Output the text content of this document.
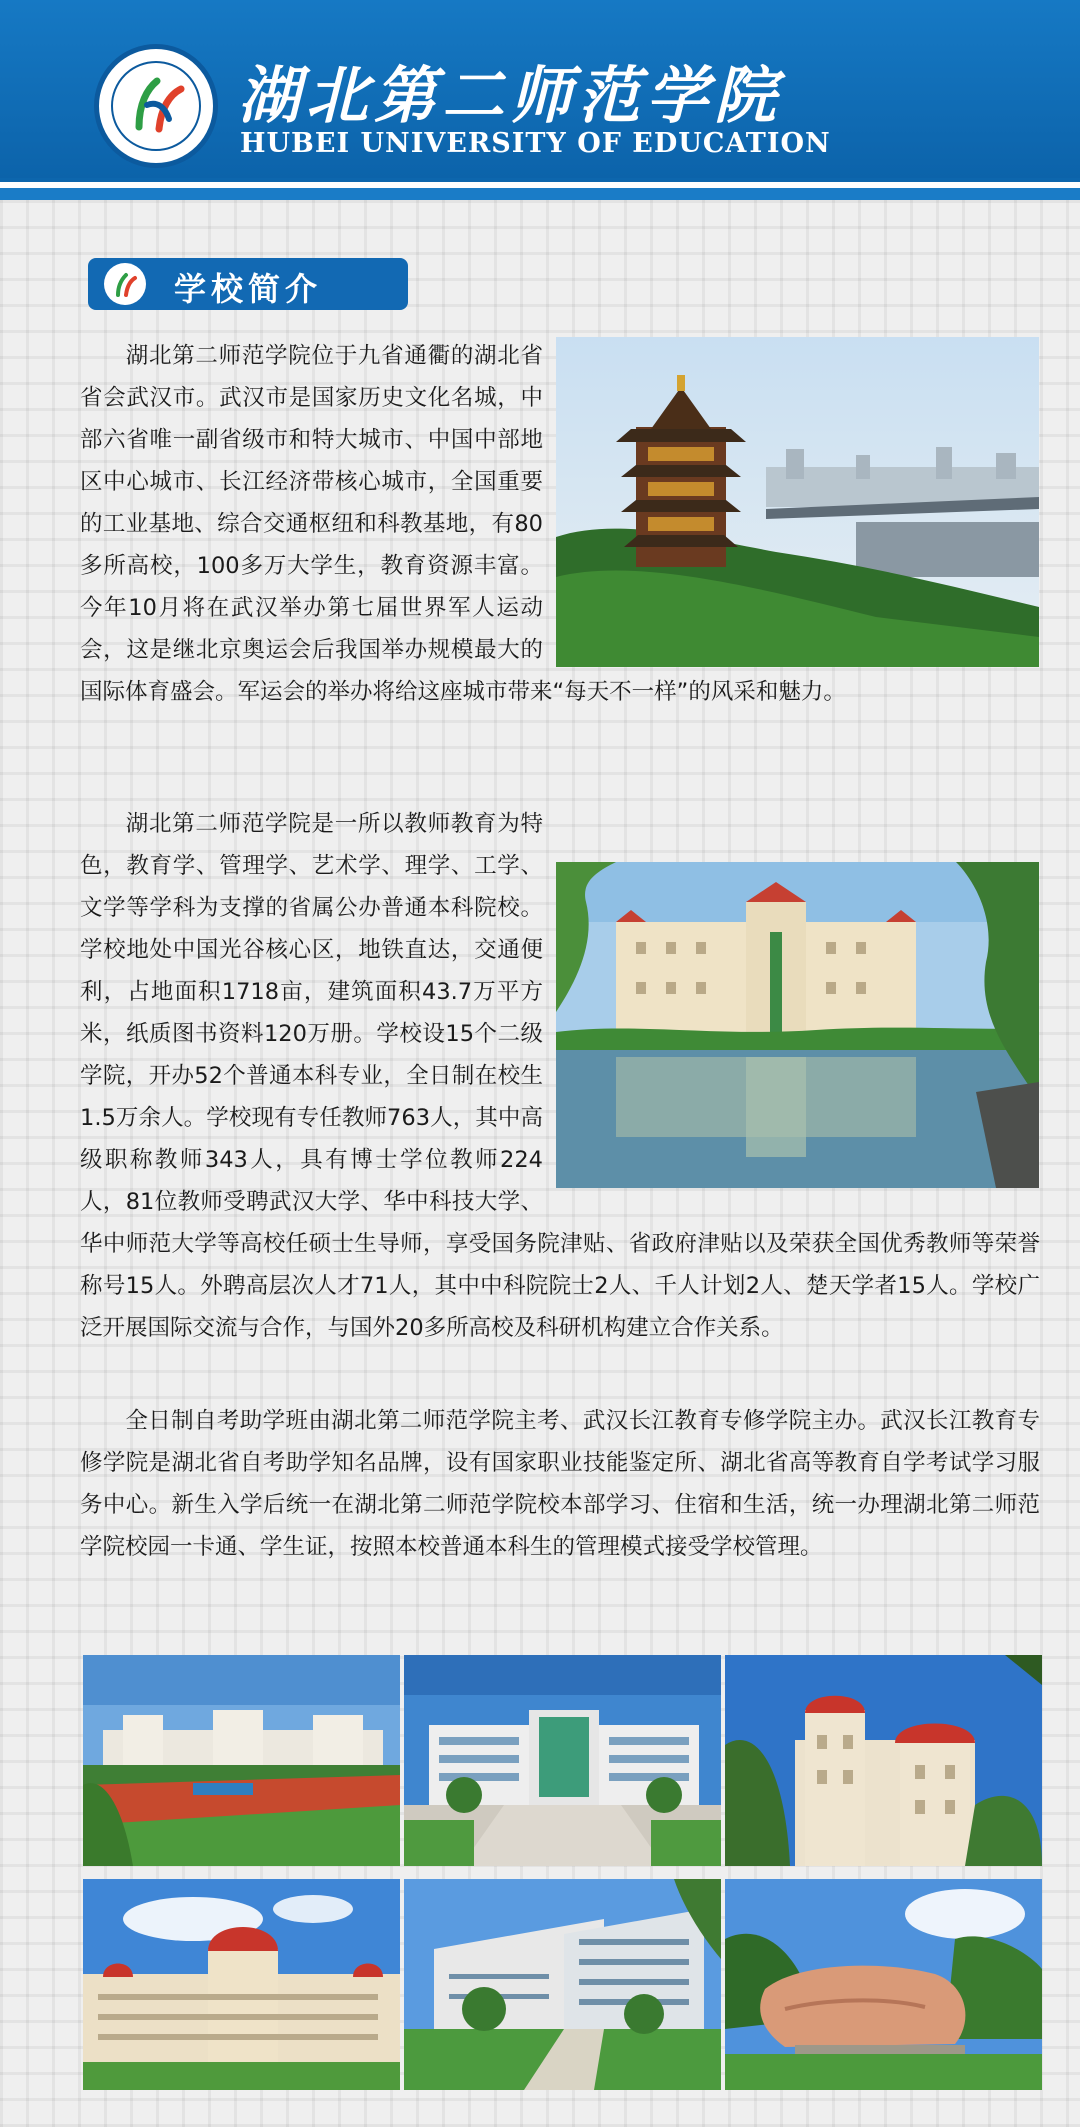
湖北第二师范学院
HUBEI UNIVERSITY OF EDUCATION
学校简介

湖北第二师范学院位于九省通衢的湖北省省会武汉市。武汉市是国家历史文化名城，中部六省唯一副省级市和特大城市、中国中部地区中心城市、长江经济带核心城市，全国重要的工业基地、综合交通枢纽和科教基地，有80多所高校，100多万大学生，教育资源丰富。今年10月将在武汉举办第七届世界军人运动会，这是继北京奥运会后我国举办规模最大的国际体育盛会。军运会的举办将给这座城市带来“每天不一样”的风采和魅力。

湖北第二师范学院是一所以教师教育为特色，教育学、管理学、艺术学、理学、工学、文学等学科为支撑的省属公办普通本科院校。学校地处中国光谷核心区，地铁直达，交通便利，占地面积1718亩，建筑面积43.7万平方米，纸质图书资料120万册。学校设15个二级学院，开办52个普通本科专业，全日制在校生1.5万余人。学校现有专任教师763人，其中高级职称教师343人，具有博士学位教师224人，81位教师受聘武汉大学、华中科技大学、华中师范大学等高校任硕士生导师，享受国务院津贴、省政府津贴以及荣获全国优秀教师等荣誉称号15人。外聘高层次人才71人，其中中科院院士2人、千人计划2人、楚天学者15人。学校广泛开展国际交流与合作，与国外20多所高校及科研机构建立合作关系。

全日制自考助学班由湖北第二师范学院主考、武汉长江教育专修学院主办。武汉长江教育专修学院是湖北省自考助学知名品牌，设有国家职业技能鉴定所、湖北省高等教育自学考试学习服务中心。新生入学后统一在湖北第二师范学院校本部学习、住宿和生活，统一办理湖北第二师范学院校园一卡通、学生证，按照本校普通本科生的管理模式接受学校管理。
